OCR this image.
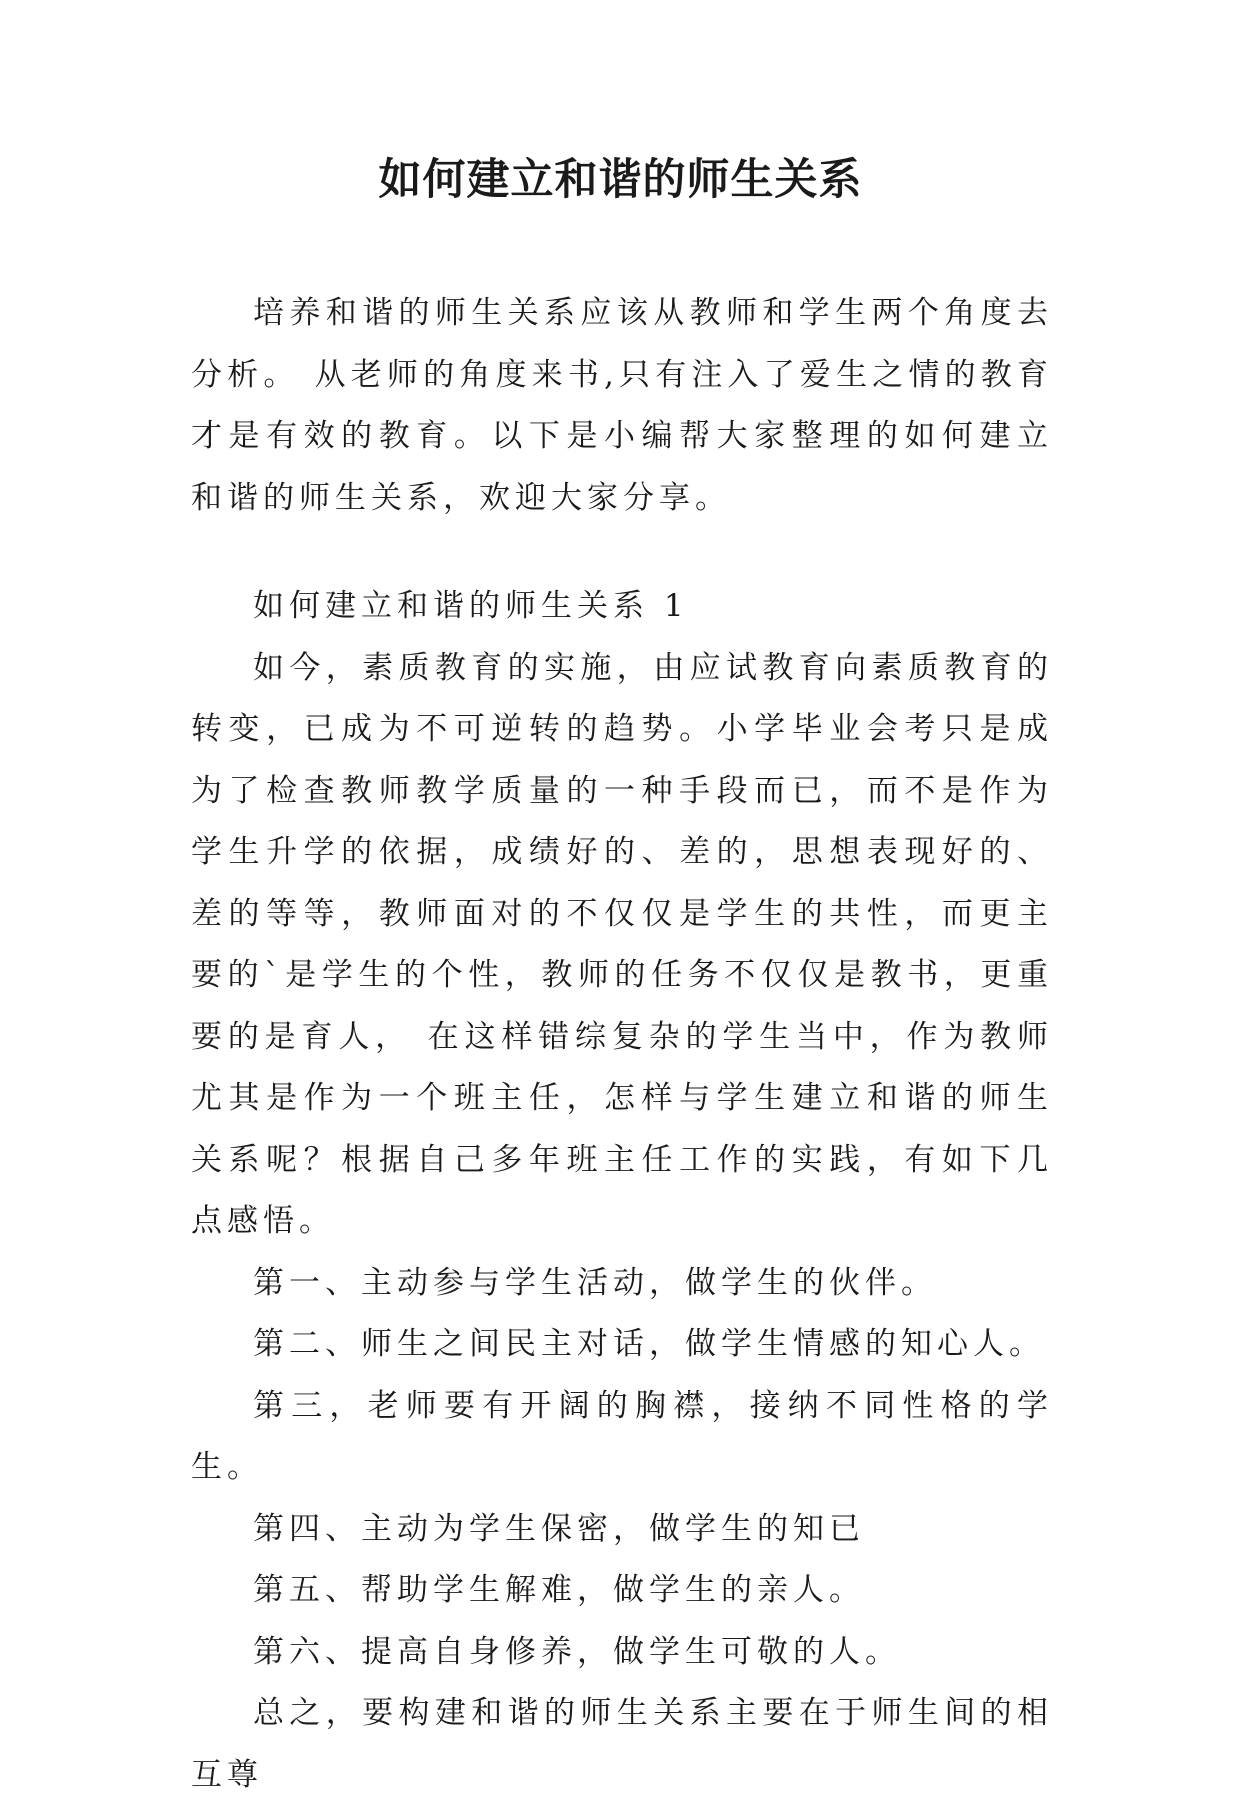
如何建立和谐的师生关系

培养和谐的师生关系应该从教师和学生两个角度去分析。 从老师的角度来书,只有注入了爱生之情的教育才是有效的教育。以下是小编帮大家整理的如何建立和谐的师生关系，欢迎大家分享。

如何建立和谐的师生关系 1

如今，素质教育的实施，由应试教育向素质教育的转变，已成为不可逆转的趋势。小学毕业会考只是成为了检查教师教学质量的一种手段而已，而不是作为学生升学的依据，成绩好的、差的，思想表现好的、差的等等，教师面对的不仅仅是学生的共性，而更主要的`是学生的个性，教师的任务不仅仅是教书，更重要的是育人， 在这样错综复杂的学生当中，作为教师尤其是作为一个班主任，怎样与学生建立和谐的师生关系呢？根据自己多年班主任工作的实践，有如下几点感悟。

第一、主动参与学生活动，做学生的伙伴。

第二、师生之间民主对话，做学生情感的知心人。

第三，老师要有开阔的胸襟，接纳不同性格的学生。

第四、主动为学生保密，做学生的知已

第五、帮助学生解难，做学生的亲人。

第六、提高自身修养，做学生可敬的人。

总之，要构建和谐的师生关系主要在于师生间的相互尊
